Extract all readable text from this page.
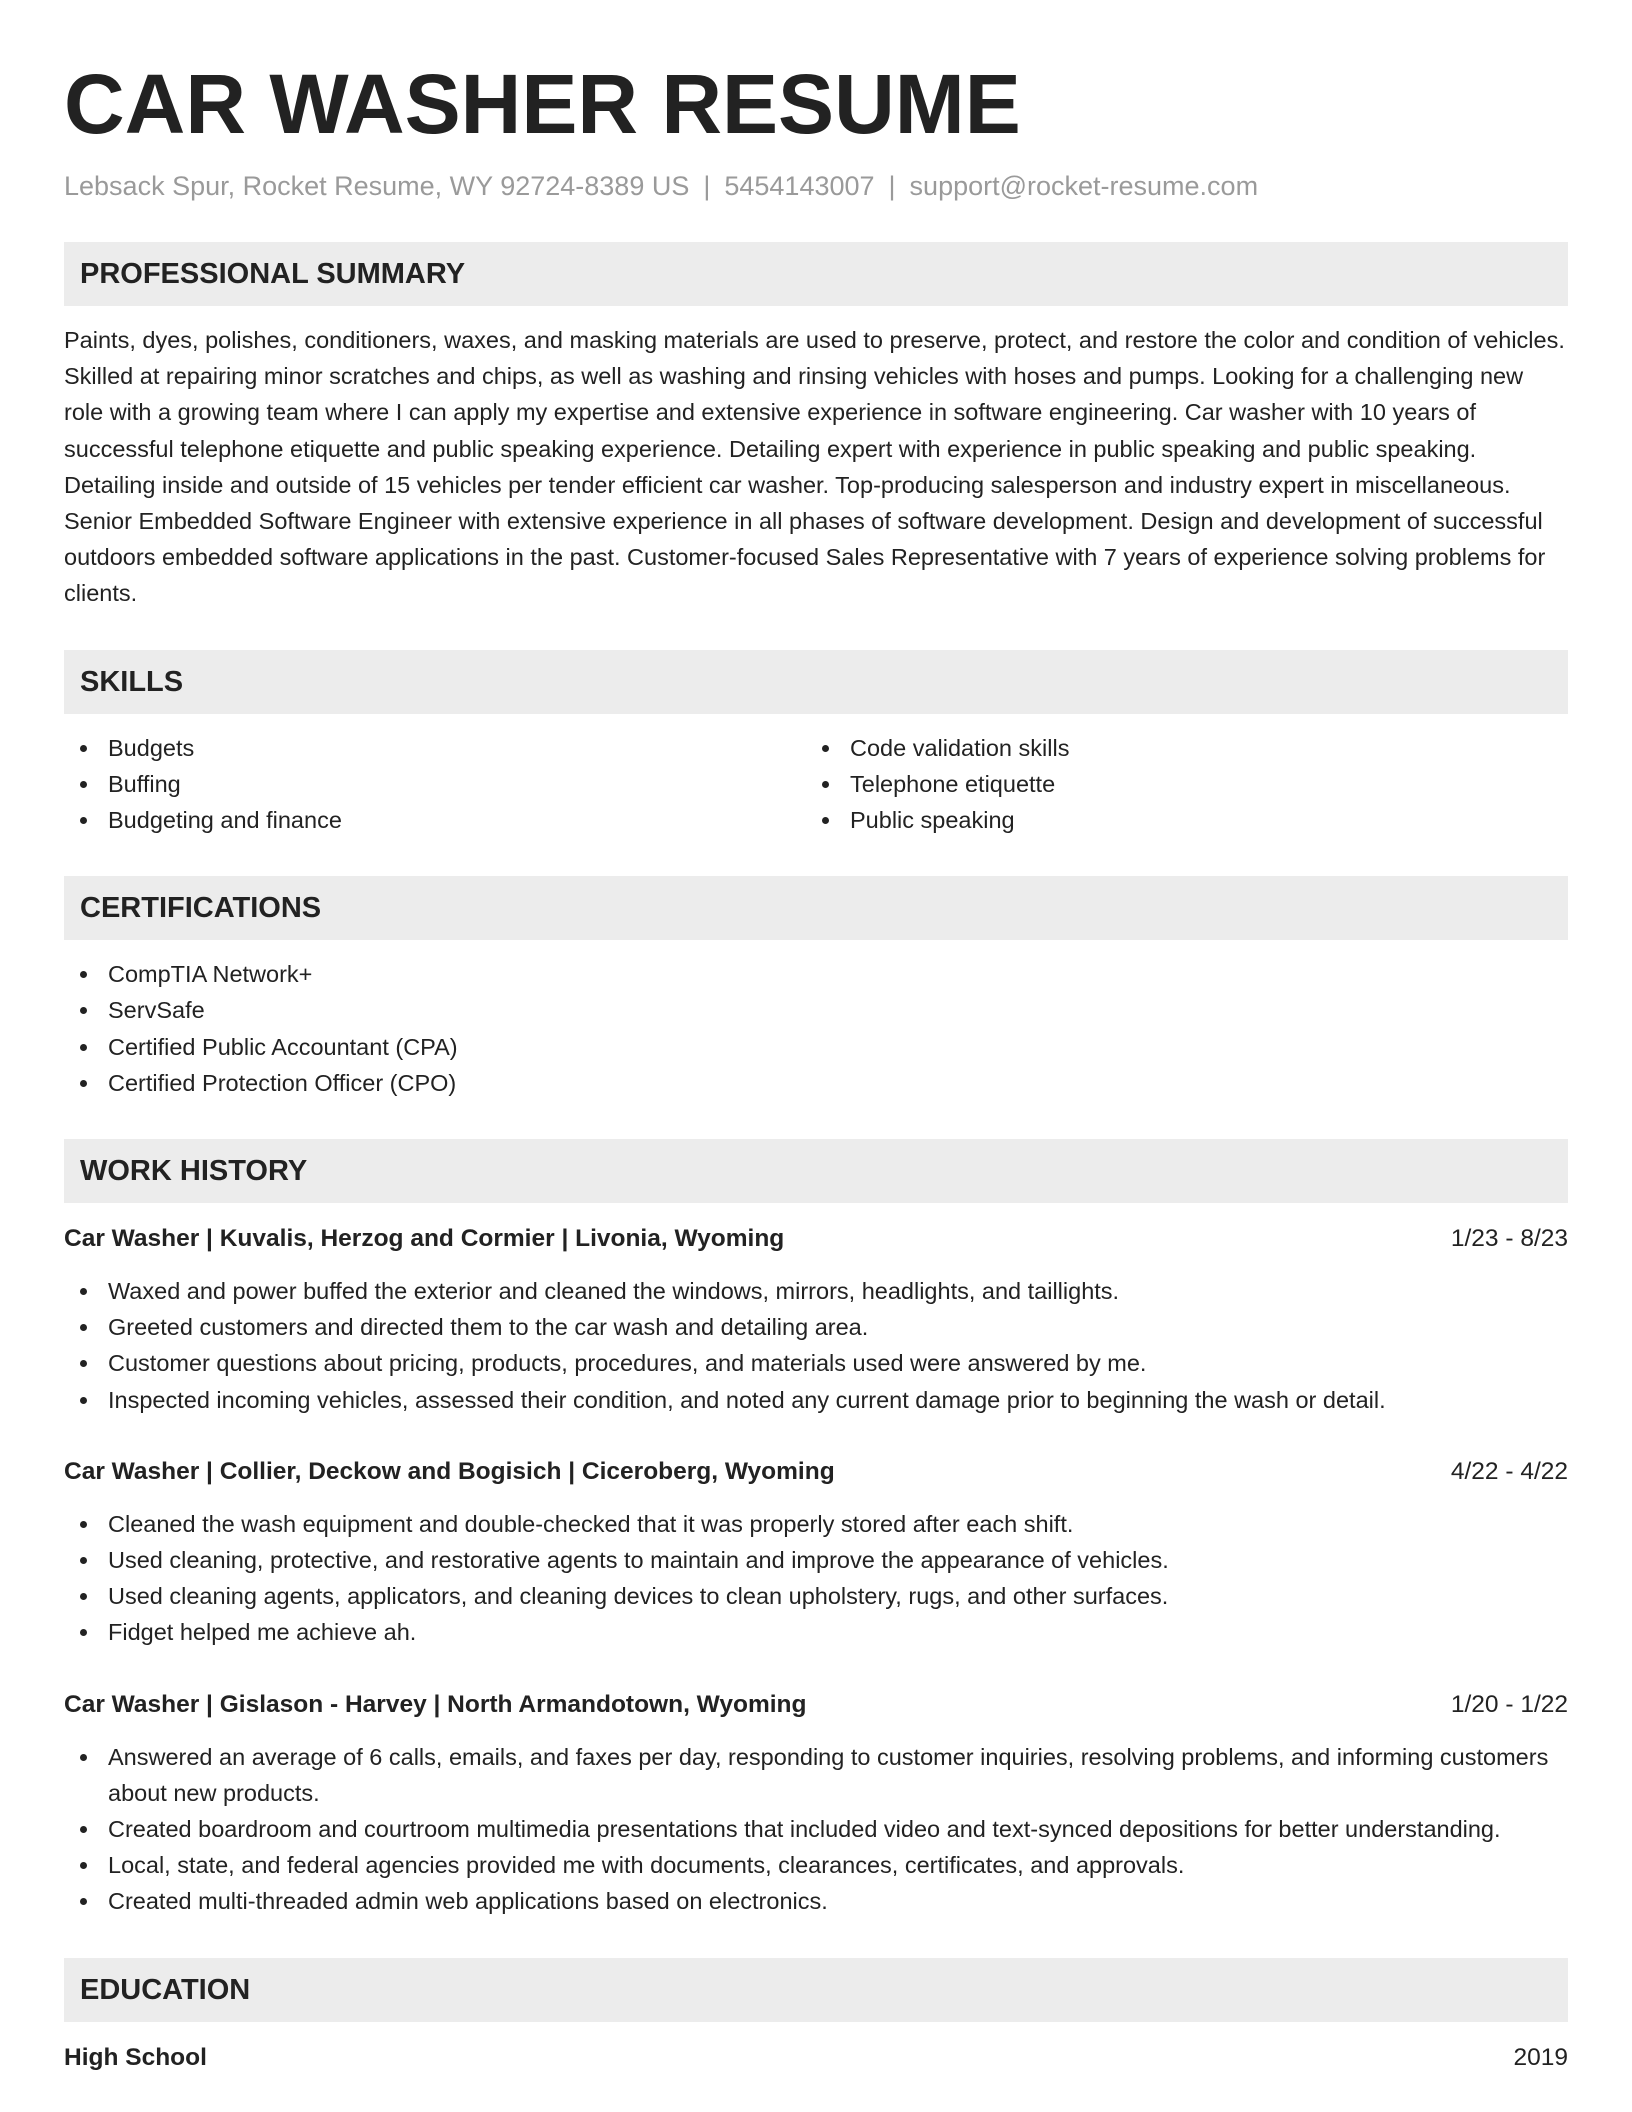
CAR WASHER RESUME
Lebsack Spur, Rocket Resume, WY 92724-8389 US | 5454143007 | support@rocket-resume.com
PROFESSIONAL SUMMARY
Paints, dyes, polishes, conditioners, waxes, and masking materials are used to preserve, protect, and restore the color and condition of vehicles. Skilled at repairing minor scratches and chips, as well as washing and rinsing vehicles with hoses and pumps. Looking for a challenging new role with a growing team where I can apply my expertise and extensive experience in software engineering. Car washer with 10 years of successful telephone etiquette and public speaking experience. Detailing expert with experience in public speaking and public speaking. Detailing inside and outside of 15 vehicles per tender efficient car washer. Top-producing salesperson and industry expert in miscellaneous. Senior Embedded Software Engineer with extensive experience in all phases of software development. Design and development of successful outdoors embedded software applications in the past. Customer-focused Sales Representative with 7 years of experience solving problems for clients.
SKILLS
Budgets
Buffing
Budgeting and finance
Code validation skills
Telephone etiquette
Public speaking
CERTIFICATIONS
CompTIA Network+
ServSafe
Certified Public Accountant (CPA)
Certified Protection Officer (CPO)
WORK HISTORY
Car Washer | Kuvalis, Herzog and Cormier | Livonia, Wyoming	1/23 - 8/23
Waxed and power buffed the exterior and cleaned the windows, mirrors, headlights, and taillights.
Greeted customers and directed them to the car wash and detailing area.
Customer questions about pricing, products, procedures, and materials used were answered by me.
Inspected incoming vehicles, assessed their condition, and noted any current damage prior to beginning the wash or detail.
Car Washer | Collier, Deckow and Bogisich | Ciceroberg, Wyoming	4/22 - 4/22
Cleaned the wash equipment and double-checked that it was properly stored after each shift.
Used cleaning, protective, and restorative agents to maintain and improve the appearance of vehicles.
Used cleaning agents, applicators, and cleaning devices to clean upholstery, rugs, and other surfaces.
Fidget helped me achieve ah.
Car Washer | Gislason - Harvey | North Armandotown, Wyoming	1/20 - 1/22
Answered an average of 6 calls, emails, and faxes per day, responding to customer inquiries, resolving problems, and informing customers about new products.
Created boardroom and courtroom multimedia presentations that included video and text-synced depositions for better understanding.
Local, state, and federal agencies provided me with documents, clearances, certificates, and approvals.
Created multi-threaded admin web applications based on electronics.
EDUCATION
High School	2019
